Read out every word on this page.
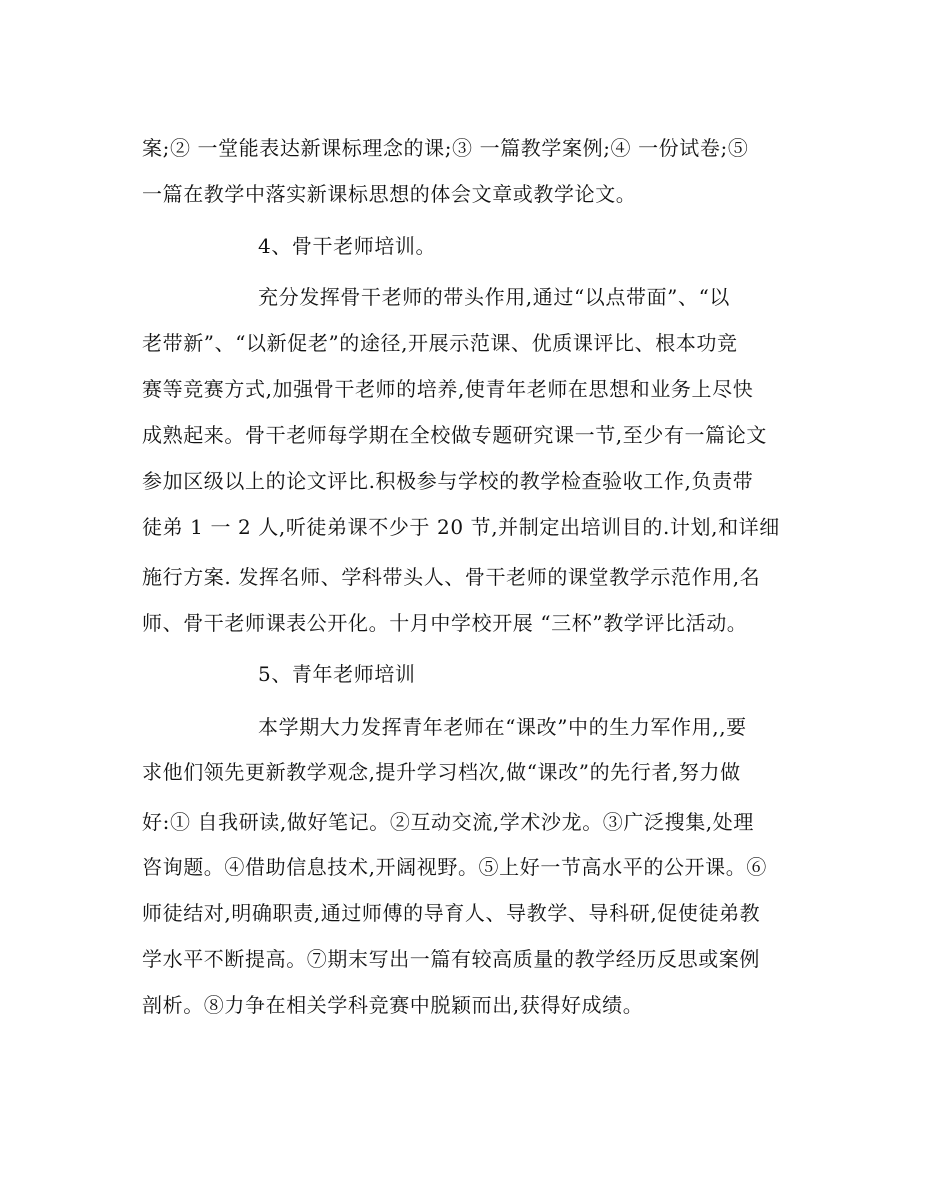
案;② 一堂能表达新课标理念的课;③ 一篇教学案例;④ 一份试卷;⑤
一篇在教学中落实新课标思想的体会文章或教学论文。
4、骨干老师培训。
充分发挥骨干老师的带头作用,通过“以点带面”、“以
老带新”、“以新促老”的途径,开展示范课、优质课评比、根本功竞
赛等竞赛方式,加强骨干老师的培养,使青年老师在思想和业务上尽快
成熟起来。骨干老师每学期在全校做专题研究课一节,至少有一篇论文
参加区级以上的论文评比.积极参与学校的教学检查验收工作,负责带
徒弟 1 一 2 人,听徒弟课不少于 20 节,并制定出培训目的.计划,和详细
施行方案. 发挥名师、学科带头人、骨干老师的课堂教学示范作用,名
师、骨干老师课表公开化。十月中学校开展 “三杯”教学评比活动。
5、青年老师培训
本学期大力发挥青年老师在“课改”中的生力军作用,,要
求他们领先更新教学观念,提升学习档次,做“课改”的先行者,努力做
好:① 自我研读,做好笔记。②互动交流,学术沙龙。③广泛搜集,处理
咨询题。④借助信息技术,开阔视野。⑤上好一节高水平的公开课。⑥
师徒结对,明确职责,通过师傅的导育人、导教学、导科研,促使徒弟教
学水平不断提高。⑦期末写出一篇有较高质量的教学经历反思或案例
剖析。⑧力争在相关学科竞赛中脱颖而出,获得好成绩。
